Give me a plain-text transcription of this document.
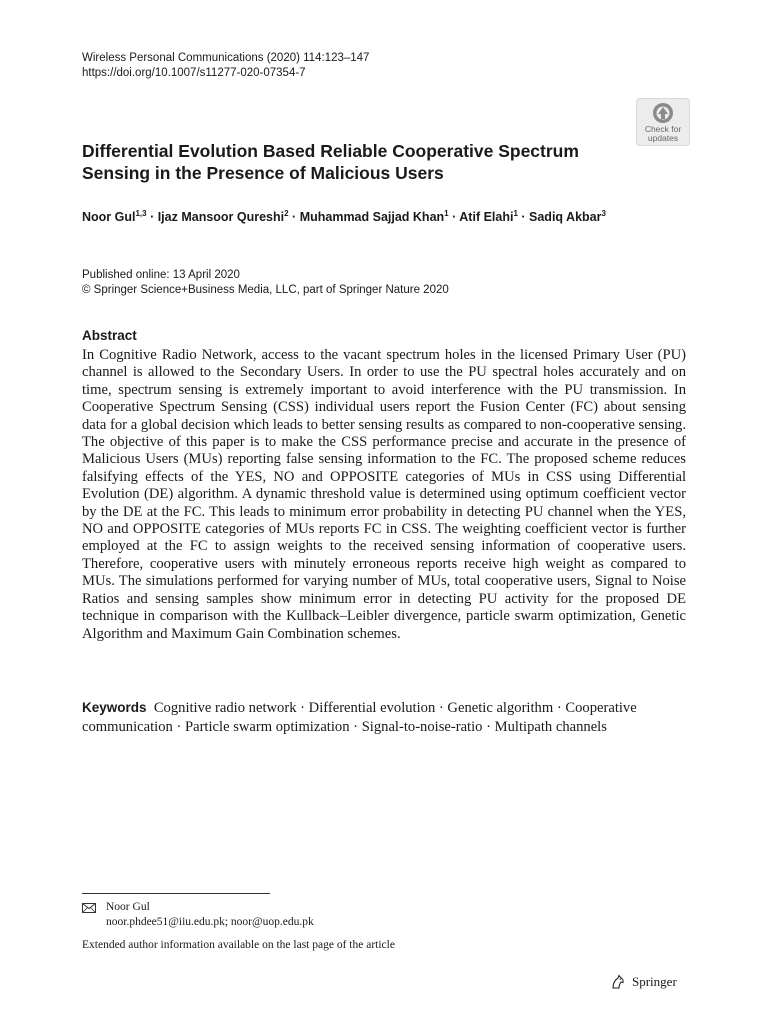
Wireless Personal Communications (2020) 114:123–147
https://doi.org/10.1007/s11277-020-07354-7
Check for
updates
Differential Evolution Based Reliable Cooperative Spectrum Sensing in the Presence of Malicious Users
Noor Gul$^{1,3}$ · Ijaz Mansoor Qureshi$^2$ · Muhammad Sajjad Khan$^1$ · Atif Elahi$^1$ · Sadiq Akbar$^3$
Published online: 13 April 2020
© Springer Science+Business Media, LLC, part of Springer Nature 2020
Abstract

In Cognitive Radio Network, access to the vacant spectrum holes in the licensed Primary User (PU) channel is allowed to the Secondary Users. In order to use the PU spectral holes accurately and on time, spectrum sensing is extremely important to avoid interference with the PU transmission. In Cooperative Spectrum Sensing (CSS) individual users report the Fusion Center (FC) about sensing data for a global decision which leads to better sensing results as compared to non-cooperative sensing. The objective of this paper is to make the CSS performance precise and accurate in the presence of Malicious Users (MUs) reporting false sensing information to the FC. The proposed scheme reduces falsifying effects of the YES, NO and OPPOSITE categories of MUs in CSS using Differential Evolution (DE) algorithm. A dynamic threshold value is determined using optimum coefficient vector by the DE at the FC. This leads to minimum error probability in detecting PU channel when the YES, NO and OPPOSITE categories of MUs reports FC in CSS. The weighting coefficient vector is further employed at the FC to assign weights to the received sensing information of cooperative users. Therefore, cooperative users with minutely erroneous reports receive high weight as compared to MUs. The simulations performed for varying number of MUs, total cooperative users, Signal to Noise Ratios and sensing samples show minimum error in detecting PU activity for the proposed DE technique in comparison with the Kullback–Leibler divergence, particle swarm optimization, Genetic Algorithm and Maximum Gain Combination schemes.

Keywords Cognitive radio network · Differential evolution · Genetic algorithm · Cooperative communication · Particle swarm optimization · Signal-to-noise-ratio · Multipath channels
Noor Gul
noor.phdee51@iiu.edu.pk; noor@uop.edu.pk
Extended author information available on the last page of the article
Springer
